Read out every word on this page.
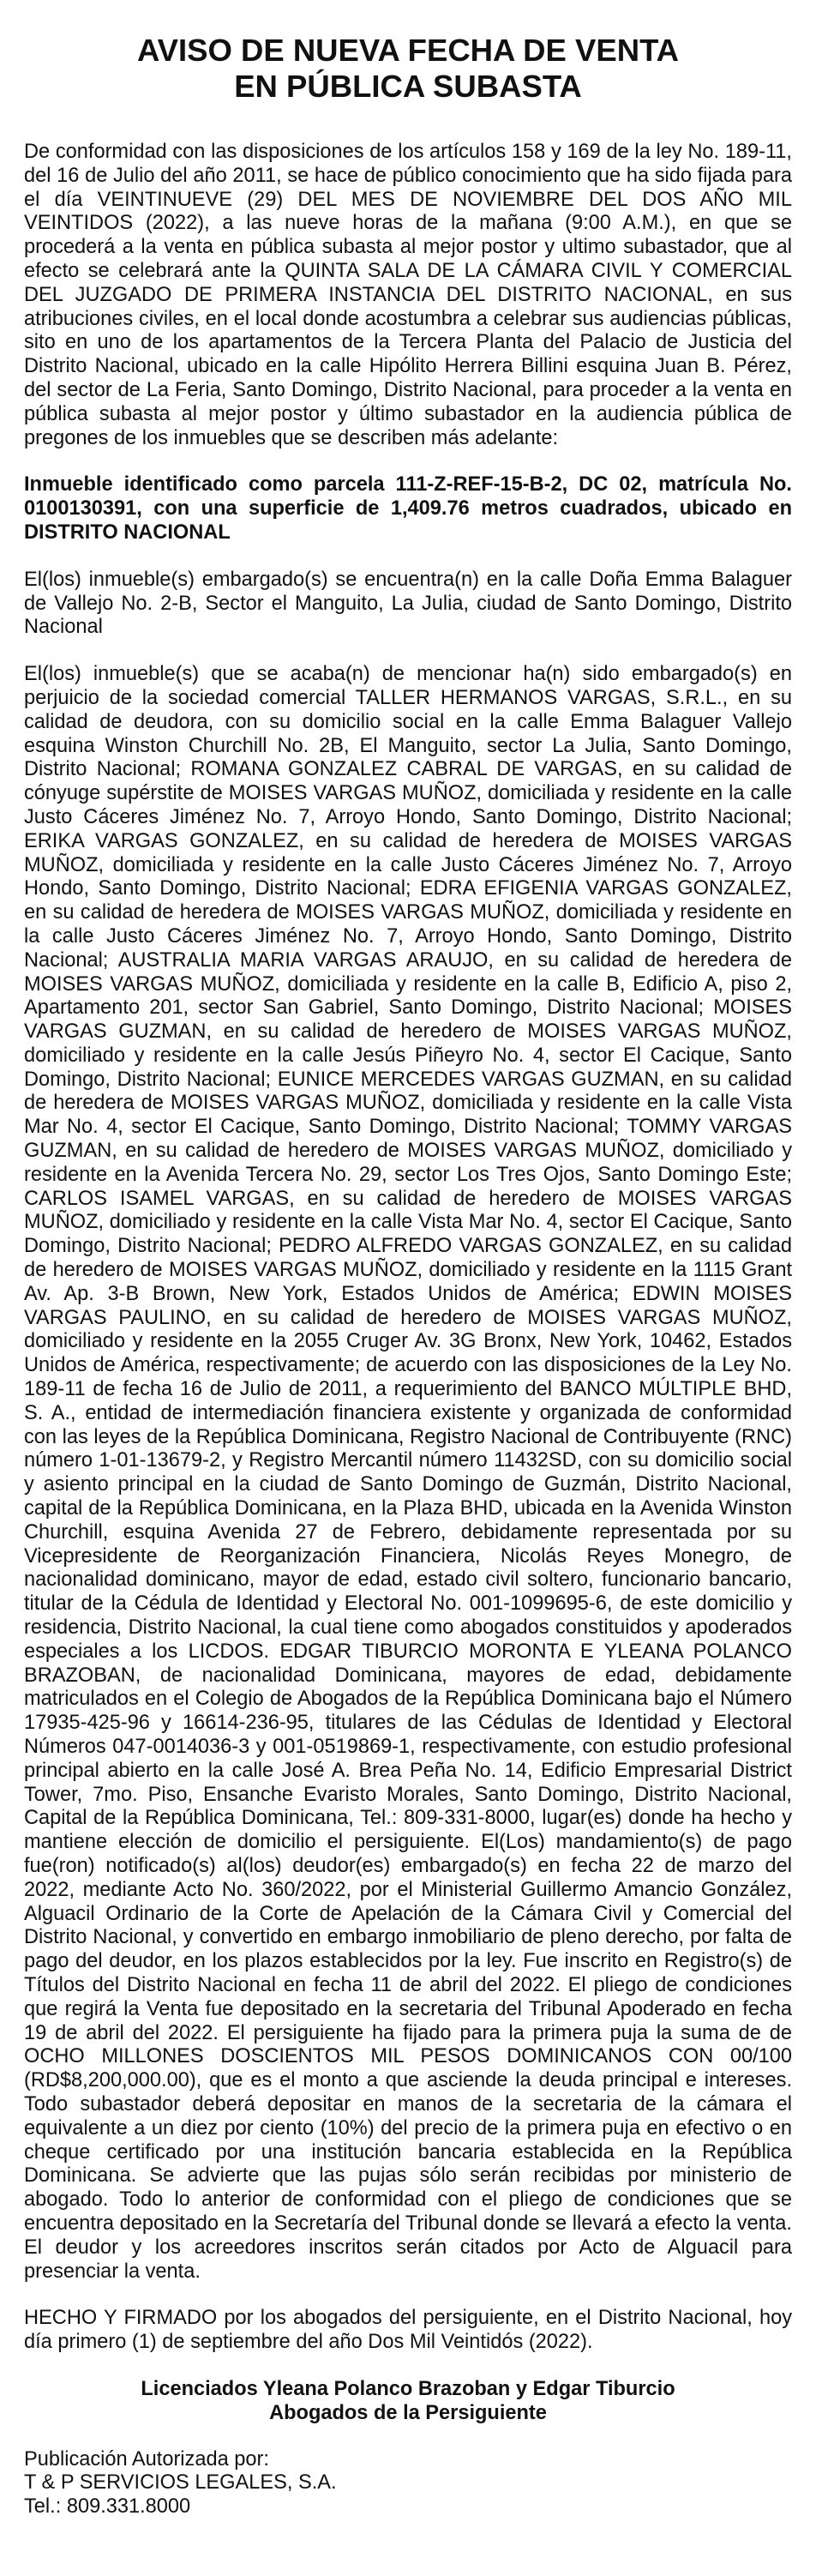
AVISO DE NUEVA FECHA DE VENTA
EN PÚBLICA SUBASTA

De conformidad con las disposiciones de los artículos 158 y 169 de la ley No. 189-11, del 16 de Julio del año 2011, se hace de público conocimiento que ha sido fijada para el día VEINTINUEVE (29) DEL MES DE NOVIEMBRE DEL DOS AÑO MIL VEINTIDOS (2022), a las nueve horas de la mañana (9:00 A.M.), en que se procederá a la venta en pública subasta al mejor postor y ultimo subastador, que al efecto se celebrará ante la QUINTA SALA DE LA CÁMARA CIVIL Y COMERCIAL DEL JUZGADO DE PRIMERA INSTANCIA DEL DISTRITO NACIONAL, en sus atribuciones civiles, en el local donde acostumbra a celebrar sus audiencias públicas, sito en uno de los apartamentos de la Tercera Planta del Palacio de Justicia del Distrito Nacional, ubicado en la calle Hipólito Herrera Billini esquina Juan B. Pérez, del sector de La Feria, Santo Domingo, Distrito Nacional, para proceder a la venta en pública subasta al mejor postor y último subastador en la audiencia pública de pregones de los inmuebles que se describen más adelante:

Inmueble identificado como parcela 111-Z-REF-15-B-2, DC 02, matrícula No. 0100130391, con una superficie de 1,409.76 metros cuadrados, ubicado en DISTRITO NACIONAL

El(los) inmueble(s) embargado(s) se encuentra(n) en la calle Doña Emma Balaguer de Vallejo No. 2-B, Sector el Manguito, La Julia, ciudad de Santo Domingo, Distrito Nacional

El(los) inmueble(s) que se acaba(n) de mencionar ha(n) sido embargado(s) en perjuicio de la sociedad comercial TALLER HERMANOS VARGAS, S.R.L., en su calidad de deudora, con su domicilio social en la calle Emma Balaguer Vallejo esquina Winston Churchill No. 2B, El Manguito, sector La Julia, Santo Domingo, Distrito Nacional; ROMANA GONZALEZ CABRAL DE VARGAS, en su calidad de cónyuge supérstite de MOISES VARGAS MUÑOZ, domiciliada y residente en la calle Justo Cáceres Jiménez No. 7, Arroyo Hondo, Santo Domingo, Distrito Nacional; ERIKA VARGAS GONZALEZ, en su calidad de heredera de MOISES VARGAS MUÑOZ, domiciliada y residente en la calle Justo Cáceres Jiménez No. 7, Arroyo Hondo, Santo Domingo, Distrito Nacional; EDRA EFIGENIA VARGAS GONZALEZ, en su calidad de heredera de MOISES VARGAS MUÑOZ, domiciliada y residente en la calle Justo Cáceres Jiménez No. 7, Arroyo Hondo, Santo Domingo, Distrito Nacional; AUSTRALIA MARIA VARGAS ARAUJO, en su calidad de heredera de MOISES VARGAS MUÑOZ, domiciliada y residente en la calle B, Edificio A, piso 2, Apartamento 201, sector San Gabriel, Santo Domingo, Distrito Nacional; MOISES VARGAS GUZMAN, en su calidad de heredero de MOISES VARGAS MUÑOZ, domiciliado y residente en la calle Jesús Piñeyro No. 4, sector El Cacique, Santo Domingo, Distrito Nacional; EUNICE MERCEDES VARGAS GUZMAN, en su calidad de heredera de MOISES VARGAS MUÑOZ, domiciliada y residente en la calle Vista Mar No. 4, sector El Cacique, Santo Domingo, Distrito Nacional; TOMMY VARGAS GUZMAN, en su calidad de heredero de MOISES VARGAS MUÑOZ, domiciliado y residente en la Avenida Tercera No. 29, sector Los Tres Ojos, Santo Domingo Este; CARLOS ISAMEL VARGAS, en su calidad de heredero de MOISES VARGAS MUÑOZ, domiciliado y residente en la calle Vista Mar No. 4, sector El Cacique, Santo Domingo, Distrito Nacional; PEDRO ALFREDO VARGAS GONZALEZ, en su calidad de heredero de MOISES VARGAS MUÑOZ, domiciliado y residente en la 1115 Grant Av. Ap. 3-B Brown, New York, Estados Unidos de América; EDWIN MOISES VARGAS PAULINO, en su calidad de heredero de MOISES VARGAS MUÑOZ, domiciliado y residente en la 2055 Cruger Av. 3G Bronx, New York, 10462, Estados Unidos de América, respectivamente; de acuerdo con las disposiciones de la Ley No. 189-11 de fecha 16 de Julio de 2011, a requerimiento del BANCO MÚLTIPLE BHD, S. A., entidad de intermediación financiera existente y organizada de conformidad con las leyes de la República Dominicana, Registro Nacional de Contribuyente (RNC) número 1-01-13679-2, y Registro Mercantil número 11432SD, con su domicilio social y asiento principal en la ciudad de Santo Domingo de Guzmán, Distrito Nacional, capital de la República Dominicana, en la Plaza BHD, ubicada en la Avenida Winston Churchill, esquina Avenida 27 de Febrero, debidamente representada por su Vicepresidente de Reorganización Financiera, Nicolás Reyes Monegro, de nacionalidad dominicano, mayor de edad, estado civil soltero, funcionario bancario, titular de la Cédula de Identidad y Electoral No. 001-1099695-6, de este domicilio y residencia, Distrito Nacional, la cual tiene como abogados constituidos y apoderados especiales a los LICDOS. EDGAR TIBURCIO MORONTA E YLEANA POLANCO BRAZOBAN, de nacionalidad Dominicana, mayores de edad, debidamente matriculados en el Colegio de Abogados de la República Dominicana bajo el Número 17935-425-96 y 16614-236-95, titulares de las Cédulas de Identidad y Electoral Números 047-0014036-3 y 001-0519869-1, respectivamente, con estudio profesional principal abierto en la calle José A. Brea Peña No. 14, Edificio Empresarial District Tower, 7mo. Piso, Ensanche Evaristo Morales, Santo Domingo, Distrito Nacional, Capital de la República Dominicana, Tel.: 809-331-8000, lugar(es) donde ha hecho y mantiene elección de domicilio el persiguiente. El(Los) mandamiento(s) de pago fue(ron) notificado(s) al(los) deudor(es) embargado(s) en fecha 22 de marzo del 2022, mediante Acto No. 360/2022, por el Ministerial Guillermo Amancio González, Alguacil Ordinario de la Corte de Apelación de la Cámara Civil y Comercial del Distrito Nacional, y convertido en embargo inmobiliario de pleno derecho, por falta de pago del deudor, en los plazos establecidos por la ley. Fue inscrito en Registro(s) de Títulos del Distrito Nacional en fecha 11 de abril del 2022. El pliego de condiciones que regirá la Venta fue depositado en la secretaria del Tribunal Apoderado en fecha 19 de abril del 2022. El persiguiente ha fijado para la primera puja la suma de de OCHO MILLONES DOSCIENTOS MIL PESOS DOMINICANOS CON 00/100 (RD$8,200,000.00), que es el monto a que asciende la deuda principal e intereses. Todo subastador deberá depositar en manos de la secretaria de la cámara el equivalente a un diez por ciento (10%) del precio de la primera puja en efectivo o en cheque certificado por una institución bancaria establecida en la República Dominicana. Se advierte que las pujas sólo serán recibidas por ministerio de abogado. Todo lo anterior de conformidad con el pliego de condiciones que se encuentra depositado en la Secretaría del Tribunal donde se llevará a efecto la venta. El deudor y los acreedores inscritos serán citados por Acto de Alguacil para presenciar la venta.

HECHO Y FIRMADO por los abogados del persiguiente, en el Distrito Nacional, hoy día primero (1) de septiembre del año Dos Mil Veintidós (2022).

Licenciados Yleana Polanco Brazoban y Edgar Tiburcio
Abogados de la Persiguiente
Publicación Autorizada por:
T & P SERVICIOS LEGALES, S.A.
Tel.: 809.331.8000
